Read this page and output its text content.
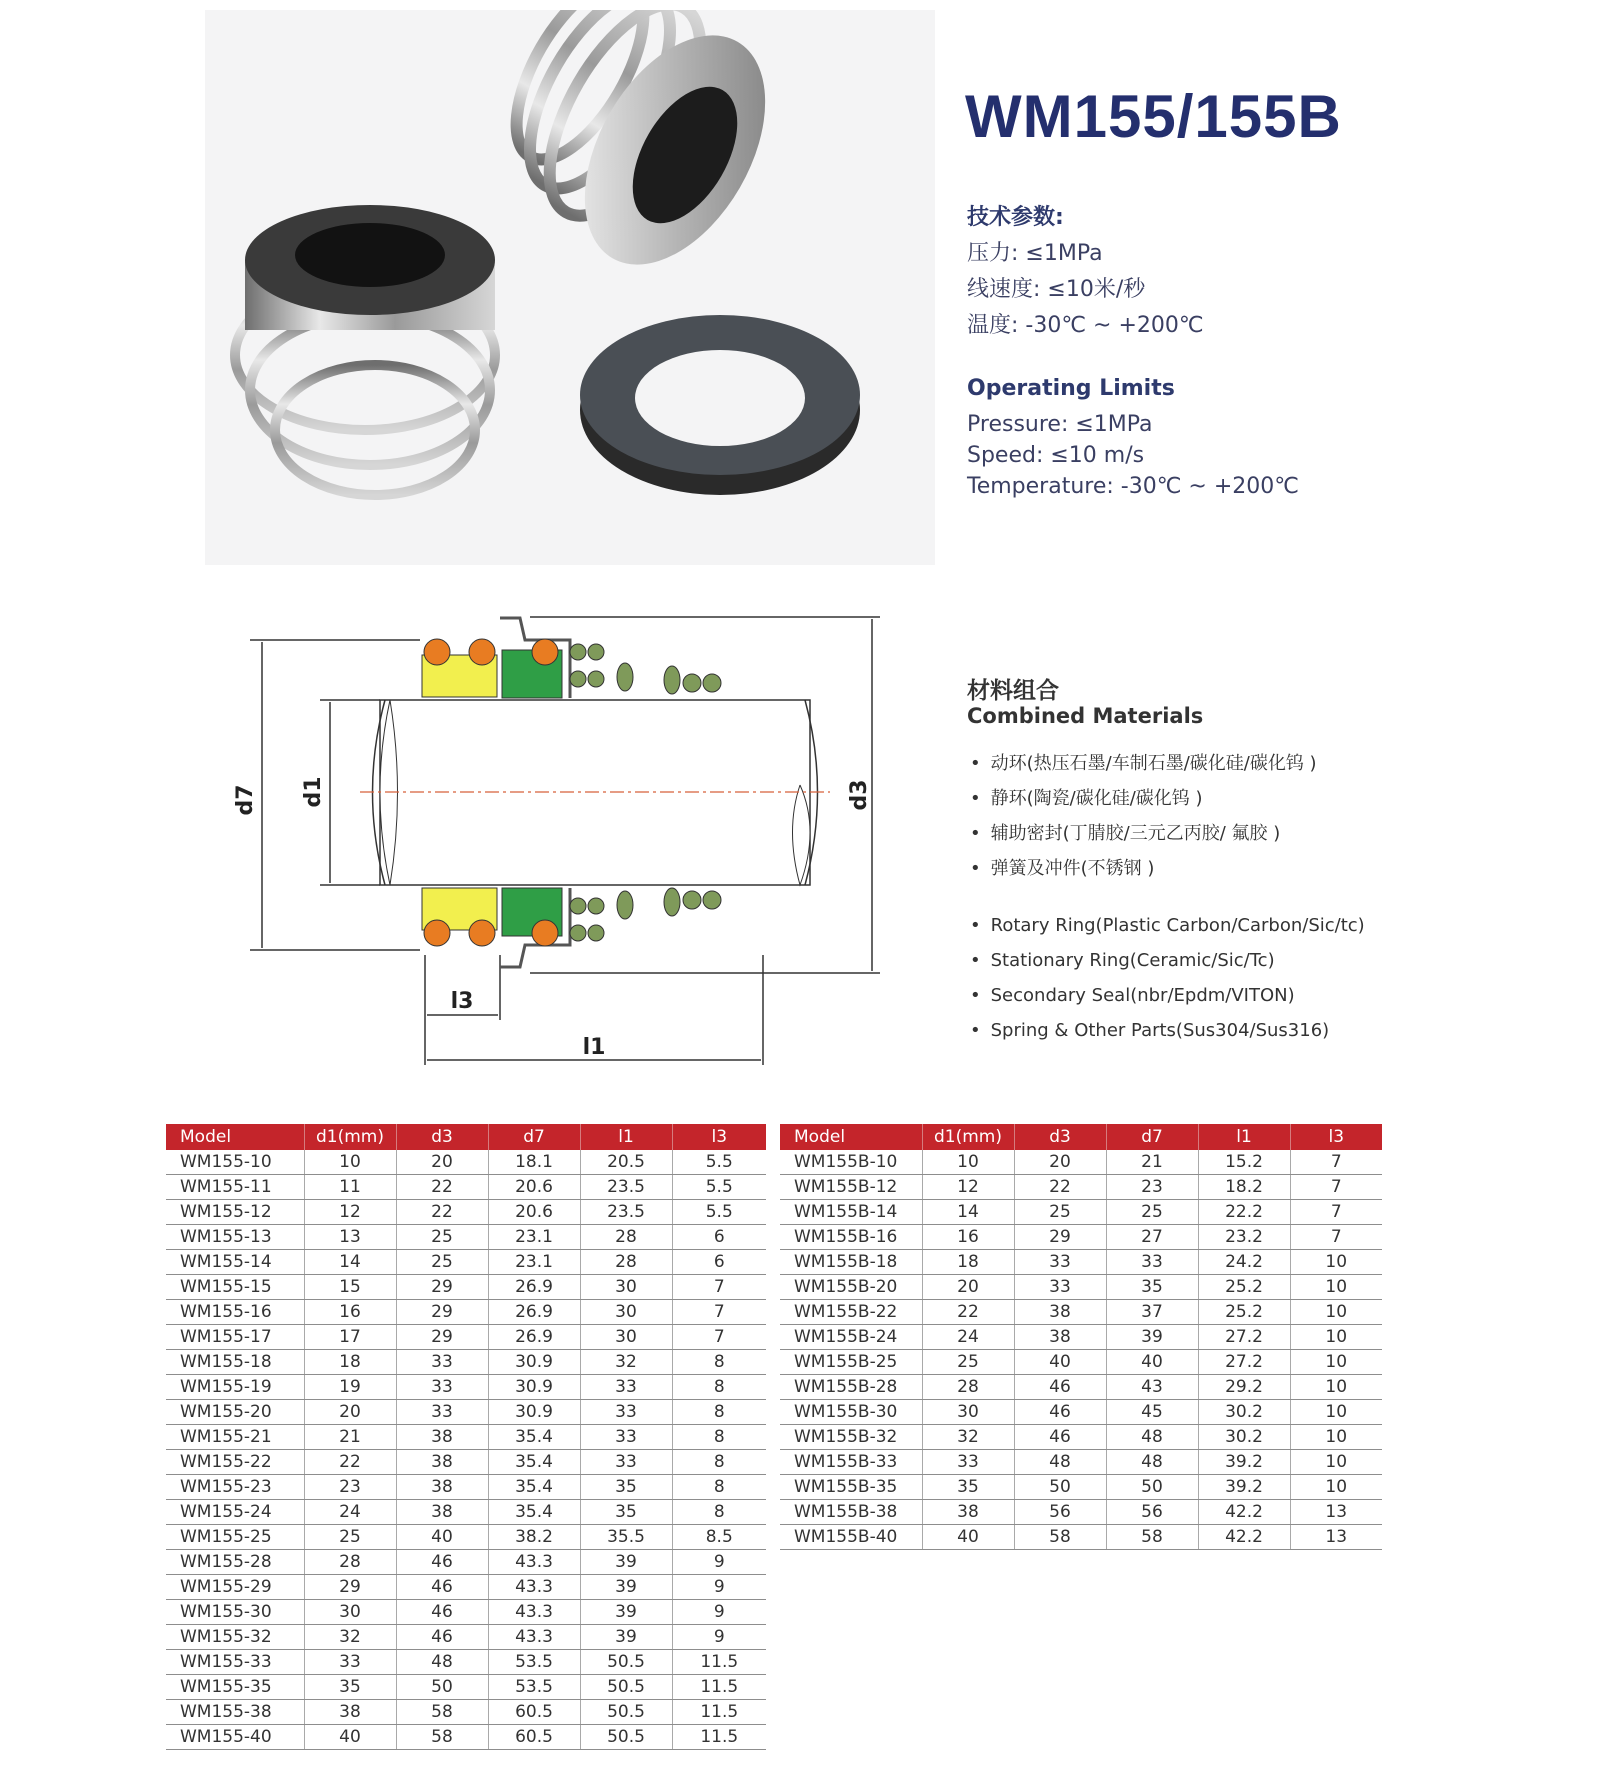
WM155/155B
技术参数:
压力: ≤1MPa
线速度: ≤10米/秒
温度: -30℃ ~ +200℃
Operating Limits
Pressure: ≤1MPa
Speed: ≤10 m/s
Temperature: -30℃ ~ +200℃
d7 d1	d3
l3
l1
材料组合
Combined Materials
• 动环(热压石墨/车制石墨/碳化硅/碳化钨 )
• 静环(陶瓷/碳化硅/碳化钨 )
• 辅助密封(丁腈胶/三元乙丙胶/ 氟胶 )
• 弹簧及冲件(不锈钢 )
• Rotary Ring(Plastic Carbon/Carbon/Sic/tc)
• Stationary Ring(Ceramic/Sic/Tc)
• Secondary Seal(nbr/Epdm/VITON)
• Spring & Other Parts(Sus304/Sus316)
Model	d1(mm)	d3	d7	l1	l3
WM155-10	10	20	18.1	20.5	5.5
WM155-11	11	22	20.6	23.5	5.5
WM155-12	12	22	20.6	23.5	5.5
WM155-13	13	25	23.1	28	6
WM155-14	14	25	23.1	28	6
WM155-15	15	29	26.9	30	7
WM155-16	16	29	26.9	30	7
WM155-17	17	29	26.9	30	7
WM155-18	18	33	30.9	32	8
WM155-19	19	33	30.9	33	8
WM155-20	20	33	30.9	33	8
WM155-21	21	38	35.4	33	8
WM155-22	22	38	35.4	33	8
WM155-23	23	38	35.4	35	8
WM155-24	24	38	35.4	35	8
WM155-25	25	40	38.2	35.5	8.5
WM155-28	28	46	43.3	39	9
WM155-29	29	46	43.3	39	9
WM155-30	30	46	43.3	39	9
WM155-32	32	46	43.3	39	9
WM155-33	33	48	53.5	50.5	11.5
WM155-35	35	50	53.5	50.5	11.5
WM155-38	38	58	60.5	50.5	11.5
WM155-40	40	58	60.5	50.5	11.5
Model	d1(mm)	d3	d7	l1	l3
WM155B-10	10	20	21	15.2	7
WM155B-12	12	22	23	18.2	7
WM155B-14	14	25	25	22.2	7
WM155B-16	16	29	27	23.2	7
WM155B-18	18	33	33	24.2	10
WM155B-20	20	33	35	25.2	10
WM155B-22	22	38	37	25.2	10
WM155B-24	24	38	39	27.2	10
WM155B-25	25	40	40	27.2	10
WM155B-28	28	46	43	29.2	10
WM155B-30	30	46	45	30.2	10
WM155B-32	32	46	48	30.2	10
WM155B-33	33	48	48	39.2	10
WM155B-35	35	50	50	39.2	10
WM155B-38	38	56	56	42.2	13
WM155B-40	40	58	58	42.2	13
